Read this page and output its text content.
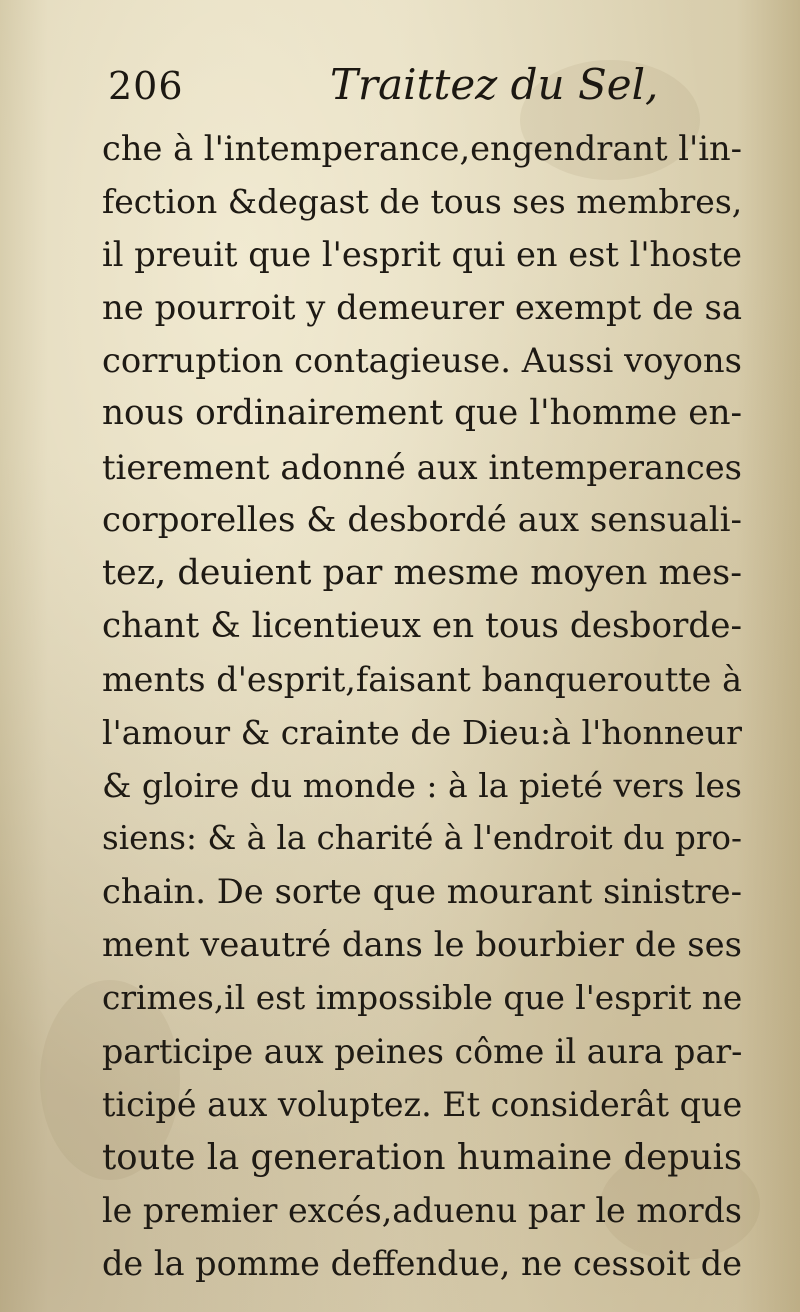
206	Traittez du Sel,
che à l'intemperance,engendrant l'in-
fection &degast de tous ses membres,
il preuit que l'esprit qui en est l'hoste
ne pourroit y demeurer exempt de sa
corruption contagieuse. Aussi voyons
nous ordinairement que l'homme en-
tierement adonné aux intemperances
corporelles & desbordé aux sensuali-
tez, deuient par mesme moyen mes-
chant & licentieux en tous desborde-
ments d'esprit,faisant banqueroutte à
l'amour & crainte de Dieu:à l'honneur
& gloire du monde : à la pieté vers les
siens: & à la charité à l'endroit du pro-
chain. De sorte que mourant sinistre-
ment veautré dans le bourbier de ses
crimes,il est impossible que l'esprit ne
participe aux peines côme il aura par-
ticipé aux voluptez. Et considerât que
toute la generation humaine depuis
le premier excés,aduenu par le mords
de la pomme deffendue, ne cessoit de
